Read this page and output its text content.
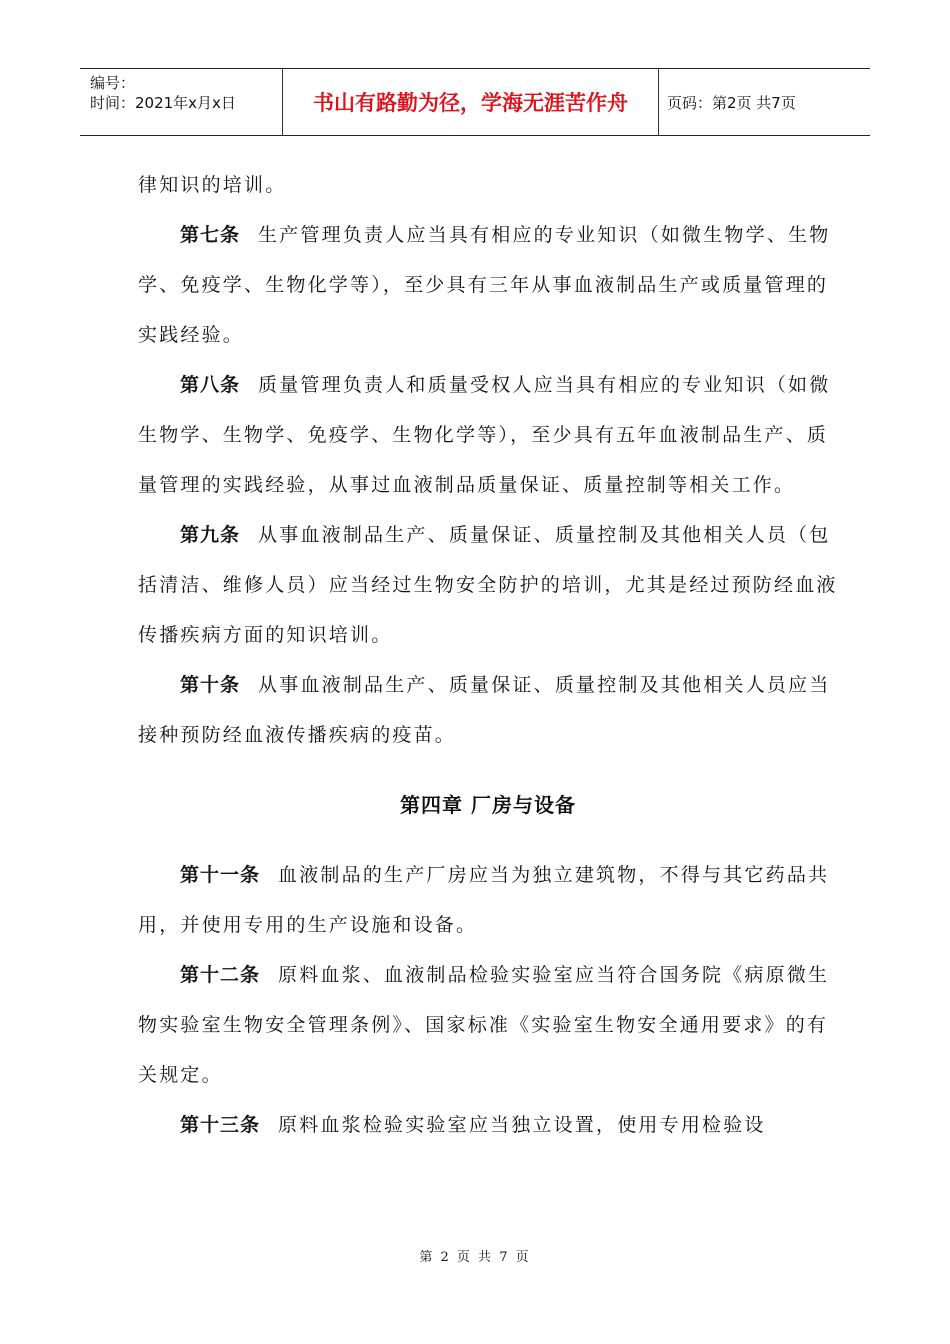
编号：
时间：2021年x月x日	书山有路勤为径，学海无涯苦作舟	页码：第2页 共7页

律知识的培训。

第七条 生产管理负责人应当具有相应的专业知识（如微生物学、生物学、免疫学、生物化学等），至少具有三年从事血液制品生产或质量管理的实践经验。

第八条 质量管理负责人和质量受权人应当具有相应的专业知识（如微生物学、生物学、免疫学、生物化学等），至少具有五年血液制品生产、质量管理的实践经验，从事过血液制品质量保证、质量控制等相关工作。

第九条 从事血液制品生产、质量保证、质量控制及其他相关人员（包括清洁、维修人员）应当经过生物安全防护的培训，尤其是经过预防经血液传播疾病方面的知识培训。

第十条 从事血液制品生产、质量保证、质量控制及其他相关人员应当接种预防经血液传播疾病的疫苗。

第四章 厂房与设备

第十一条 血液制品的生产厂房应当为独立建筑物，不得与其它药品共用，并使用专用的生产设施和设备。

第十二条 原料血浆、血液制品检验实验室应当符合国务院《病原微生物实验室生物安全管理条例》、国家标准《实验室生物安全通用要求》的有关规定。

第十三条 原料血浆检验实验室应当独立设置，使用专用检验设

第 2 页 共 7 页
